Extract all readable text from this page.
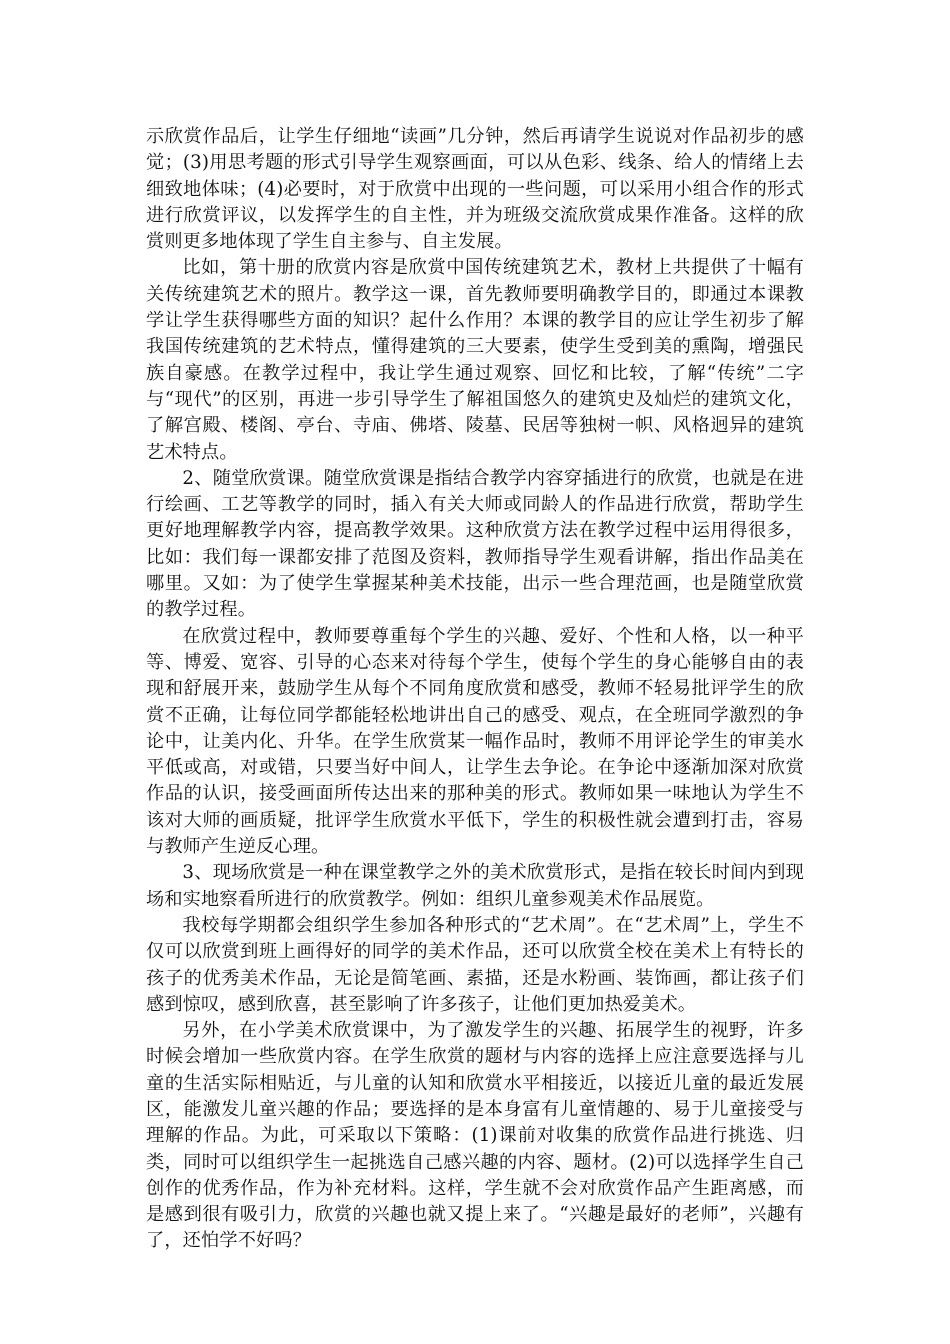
示欣赏作品后，让学生仔细地“读画”几分钟，然后再请学生说说对作品初步的感觉；(3)用思考题的形式引导学生观察画面，可以从色彩、线条、给人的情绪上去细致地体味；(4)必要时，对于欣赏中出现的一些问题，可以采用小组合作的形式进行欣赏评议，以发挥学生的自主性，并为班级交流欣赏成果作准备。这样的欣赏则更多地体现了学生自主参与、自主发展。

比如，第十册的欣赏内容是欣赏中国传统建筑艺术，教材上共提供了十幅有关传统建筑艺术的照片。教学这一课，首先教师要明确教学目的，即通过本课教学让学生获得哪些方面的知识？起什么作用？本课的教学目的应让学生初步了解我国传统建筑的艺术特点，懂得建筑的三大要素，使学生受到美的熏陶，增强民族自豪感。在教学过程中，我让学生通过观察、回忆和比较，了解“传统”二字与“现代”的区别，再进一步引导学生了解祖国悠久的建筑史及灿烂的建筑文化，了解宫殿、楼阁、亭台、寺庙、佛塔、陵墓、民居等独树一帜、风格迥异的建筑艺术特点。

2、随堂欣赏课。随堂欣赏课是指结合教学内容穿插进行的欣赏，也就是在进行绘画、工艺等教学的同时，插入有关大师或同龄人的作品进行欣赏，帮助学生更好地理解教学内容，提高教学效果。这种欣赏方法在教学过程中运用得很多，比如：我们每一课都安排了范图及资料，教师指导学生观看讲解，指出作品美在哪里。又如：为了使学生掌握某种美术技能，出示一些合理范画，也是随堂欣赏的教学过程。

在欣赏过程中，教师要尊重每个学生的兴趣、爱好、个性和人格，以一种平等、博爱、宽容、引导的心态来对待每个学生，使每个学生的身心能够自由的表现和舒展开来，鼓励学生从每个不同角度欣赏和感受，教师不轻易批评学生的欣赏不正确，让每位同学都能轻松地讲出自己的感受、观点，在全班同学激烈的争论中，让美内化、升华。在学生欣赏某一幅作品时，教师不用评论学生的审美水平低或高，对或错，只要当好中间人，让学生去争论。在争论中逐渐加深对欣赏作品的认识，接受画面所传达出来的那种美的形式。教师如果一味地认为学生不该对大师的画质疑，批评学生欣赏水平低下，学生的积极性就会遭到打击，容易与教师产生逆反心理。

3、现场欣赏是一种在课堂教学之外的美术欣赏形式，是指在较长时间内到现场和实地察看所进行的欣赏教学。例如：组织儿童参观美术作品展览。

我校每学期都会组织学生参加各种形式的“艺术周”。在“艺术周”上，学生不仅可以欣赏到班上画得好的同学的美术作品，还可以欣赏全校在美术上有特长的孩子的优秀美术作品，无论是简笔画、素描，还是水粉画、装饰画，都让孩子们感到惊叹，感到欣喜，甚至影响了许多孩子，让他们更加热爱美术。

另外，在小学美术欣赏课中，为了激发学生的兴趣、拓展学生的视野，许多时候会增加一些欣赏内容。在学生欣赏的题材与内容的选择上应注意要选择与儿童的生活实际相贴近，与儿童的认知和欣赏水平相接近，以接近儿童的最近发展区，能激发儿童兴趣的作品；要选择的是本身富有儿童情趣的、易于儿童接受与理解的作品。为此，可采取以下策略：(1)课前对收集的欣赏作品进行挑选、归类，同时可以组织学生一起挑选自己感兴趣的内容、题材。(2)可以选择学生自己创作的优秀作品，作为补充材料。这样，学生就不会对欣赏作品产生距离感，而是感到很有吸引力，欣赏的兴趣也就又提上来了。“兴趣是最好的老师”，兴趣有了，还怕学不好吗？
